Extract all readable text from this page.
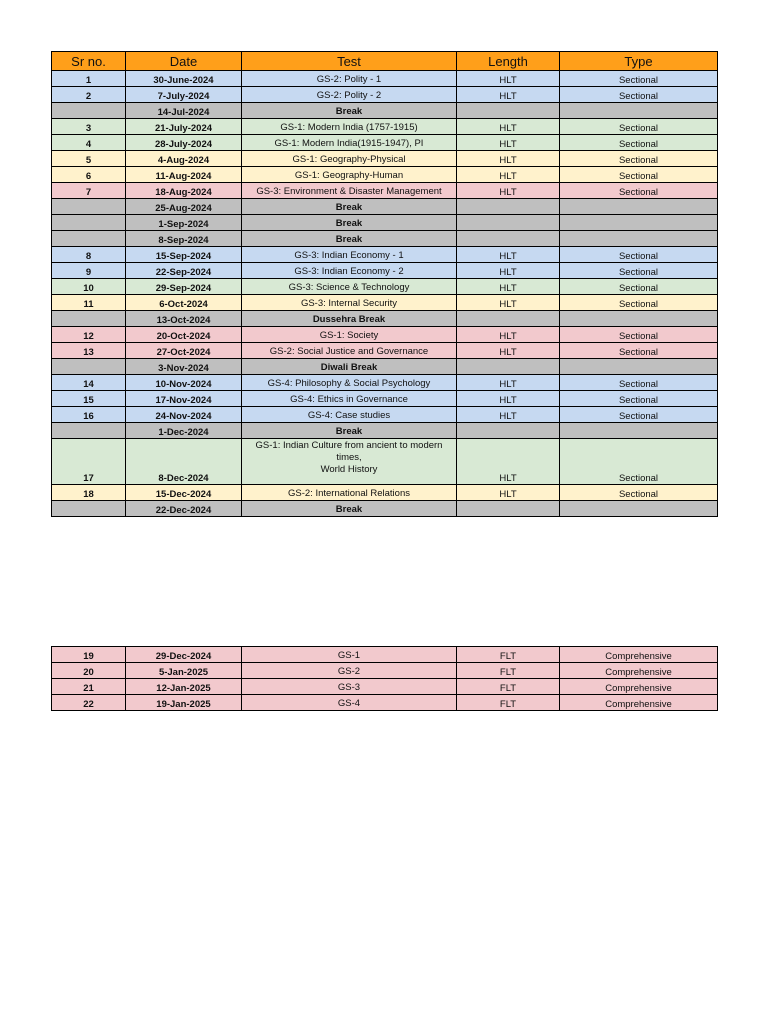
Sr no.	Date	Test	Length	Type
1	30-June-2024	GS-2: Polity - 1	HLT	Sectional
2	7-July-2024	GS-2: Polity - 2	HLT	Sectional
	14-Jul-2024	Break		
3	21-July-2024	GS-1: Modern India (1757-1915)	HLT	Sectional
4	28-July-2024	GS-1: Modern India(1915-1947), PI	HLT	Sectional
5	4-Aug-2024	GS-1: Geography-Physical	HLT	Sectional
6	11-Aug-2024	GS-1: Geography-Human	HLT	Sectional
7	18-Aug-2024	GS-3: Environment & Disaster Management	HLT	Sectional
	25-Aug-2024	Break		
	1-Sep-2024	Break		
	8-Sep-2024	Break		
8	15-Sep-2024	GS-3: Indian Economy - 1	HLT	Sectional
9	22-Sep-2024	GS-3: Indian Economy - 2	HLT	Sectional
10	29-Sep-2024	GS-3: Science & Technology	HLT	Sectional
11	6-Oct-2024	GS-3: Internal Security	HLT	Sectional
	13-Oct-2024	Dussehra Break		
12	20-Oct-2024	GS-1: Society	HLT	Sectional
13	27-Oct-2024	GS-2: Social Justice and Governance	HLT	Sectional
	3-Nov-2024	Diwali Break		
14	10-Nov-2024	GS-4: Philosophy & Social Psychology	HLT	Sectional
15	17-Nov-2024	GS-4: Ethics in Governance	HLT	Sectional
16	24-Nov-2024	GS-4: Case studies	HLT	Sectional
	1-Dec-2024	Break		
17	8-Dec-2024	GS-1: Indian Culture from ancient to modern times,
World History	HLT	Sectional
18	15-Dec-2024	GS-2: International Relations	HLT	Sectional
	22-Dec-2024	Break		
19	29-Dec-2024	GS-1	FLT	Comprehensive
20	5-Jan-2025	GS-2	FLT	Comprehensive
21	12-Jan-2025	GS-3	FLT	Comprehensive
22	19-Jan-2025	GS-4	FLT	Comprehensive
